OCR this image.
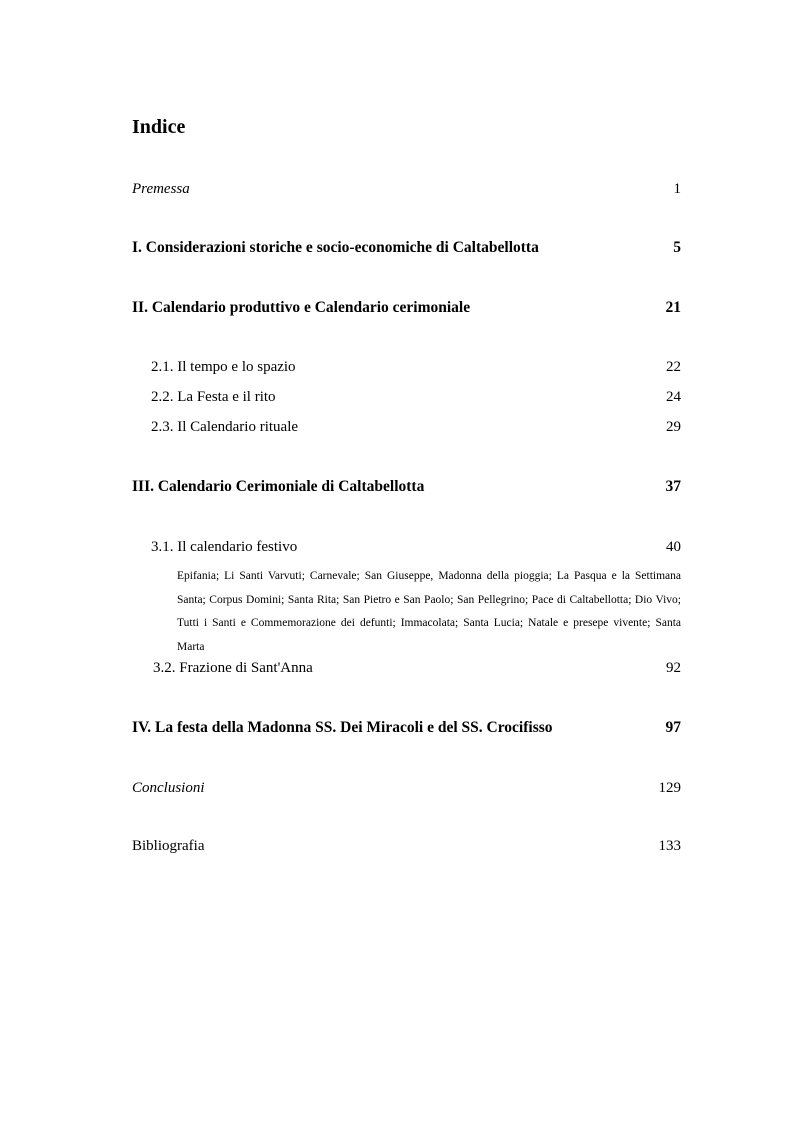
Indice
Premessa	1
I. Considerazioni storiche e socio-economiche di Caltabellotta	5
II. Calendario produttivo e Calendario cerimoniale	21
2.1. Il tempo e lo spazio	22
2.2. La Festa e il rito	24
2.3. Il Calendario rituale	29
III. Calendario Cerimoniale di Caltabellotta	37
3.1. Il calendario festivo	40

Epifania; Li Santi Varvuti; Carnevale; San Giuseppe, Madonna della pioggia; La Pasqua e la Settimana Santa; Corpus Domini; Santa Rita; San Pietro e San Paolo; San Pellegrino; Pace di Caltabellotta; Dio Vivo; Tutti i Santi e Commemorazione dei defunti; Immacolata; Santa Lucia; Natale e presepe vivente; Santa Marta

3.2. Frazione di Sant'Anna	92
IV. La festa della Madonna SS. Dei Miracoli e del SS. Crocifisso	97
Conclusioni	129
Bibliografia	133
